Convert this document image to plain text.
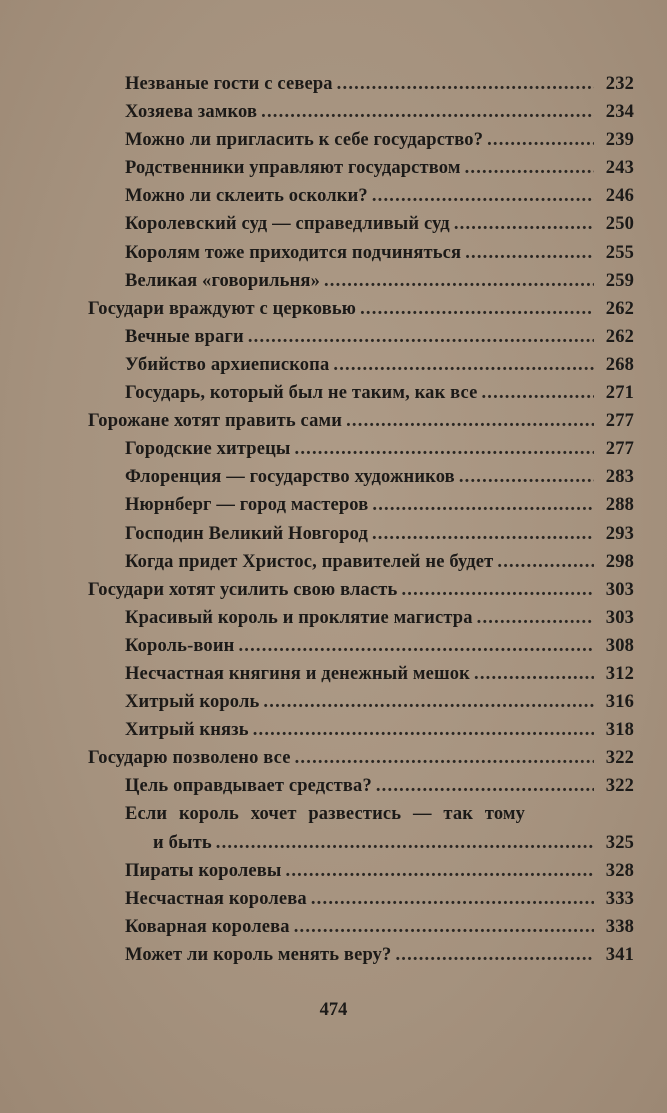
Незваные гости с севера .....	232
Хозяева замков .....	234
Можно ли пригласить к себе государство? .....	239
Родственники управляют государством .....	243
Можно ли склеить осколки? .....	246
Королевский суд — справедливый суд .....	250
Королям тоже приходится подчиняться .....	255
Великая «говорильня» .....	259
Государи враждуют с церковью .....	262
Вечные враги .....	262
Убийство архиепископа .....	268
Государь, который был не таким, как все .....	271
Горожане хотят править сами .....	277
Городские хитрецы .....	277
Флоренция — государство художников .....	283
Нюрнберг — город мастеров .....	288
Господин Великий Новгород .....	293
Когда придет Христос, правителей не будет .....	298
Государи хотят усилить свою власть .....	303
Красивый король и проклятие магистра .....	303
Король-воин .....	308
Несчастная княгиня и денежный мешок .....	312
Хитрый король .....	316
Хитрый князь .....	318
Государю позволено все .....	322
Цель оправдывает средства? .....	322
Если король хочет развестись — так тому
и быть .....	325
Пираты королевы .....	328
Несчастная королева .....	333
Коварная королева .....	338
Может ли король менять веру? .....	341
474
